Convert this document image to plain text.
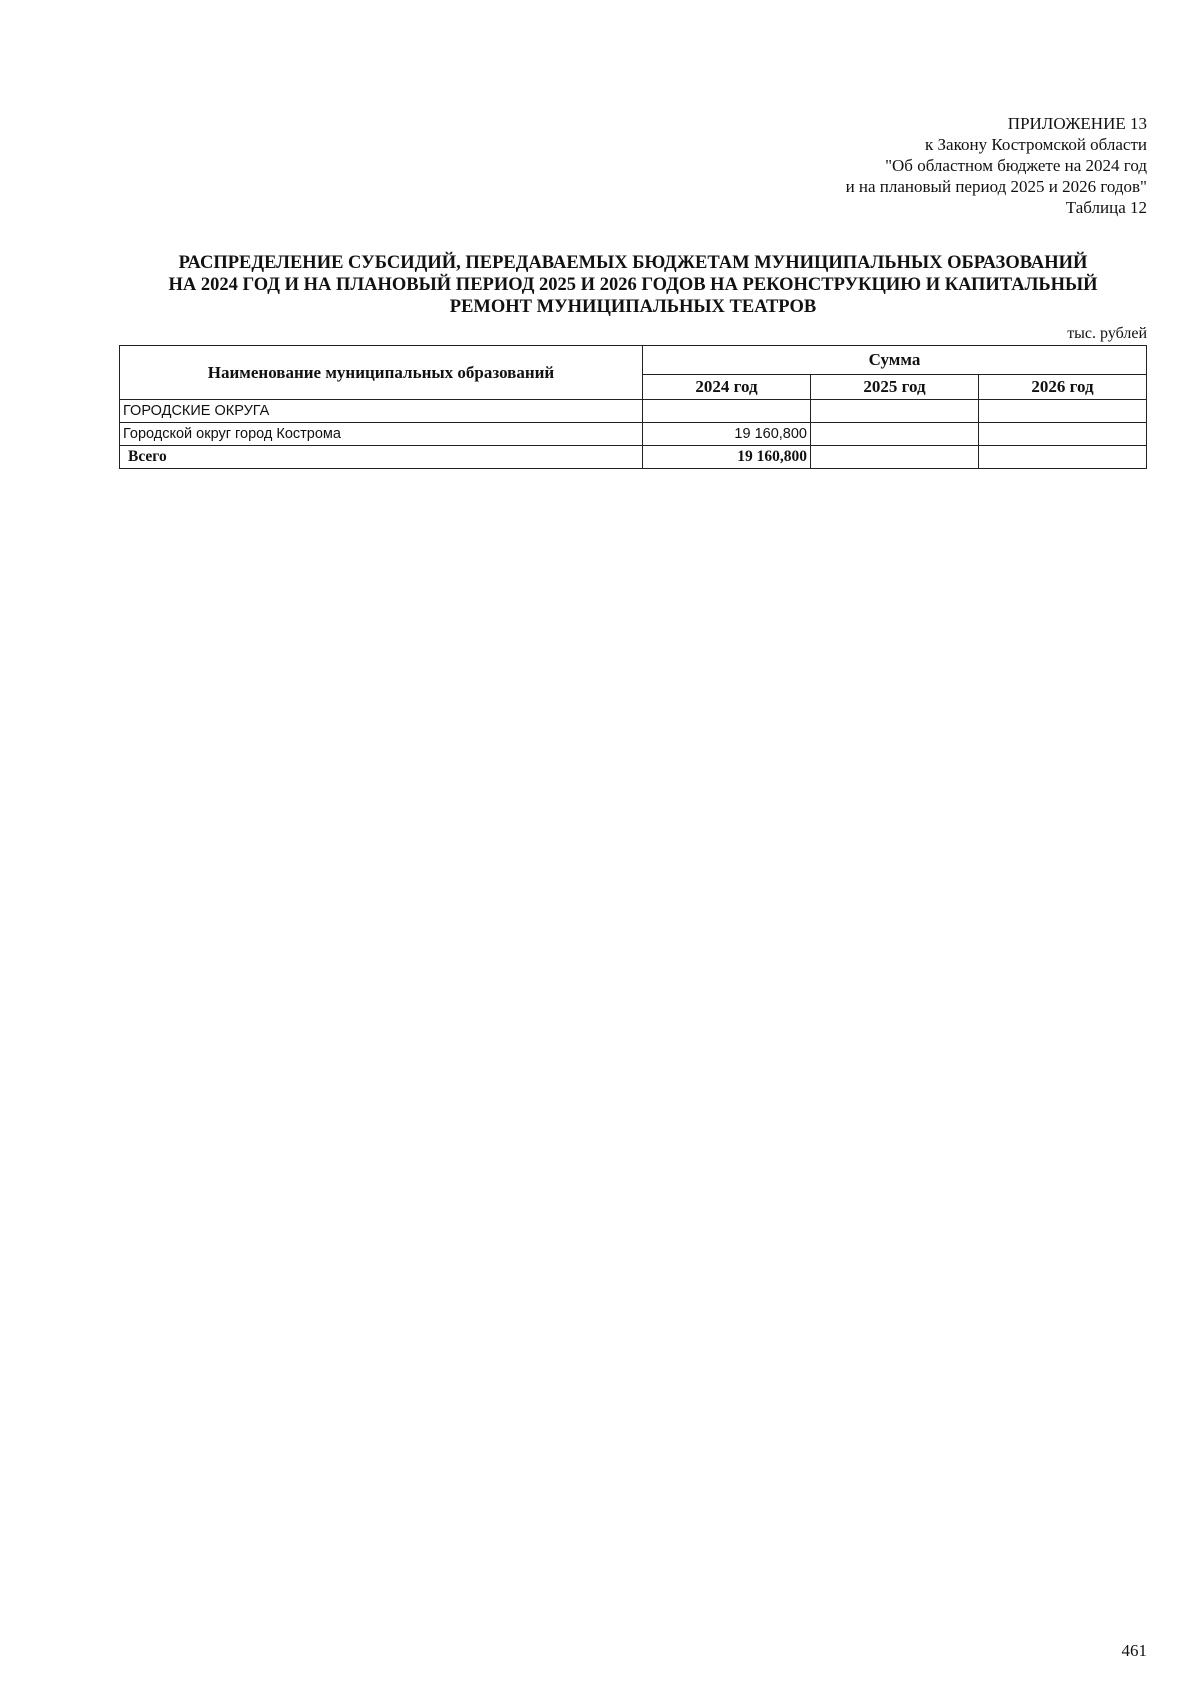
ПРИЛОЖЕНИЕ 13
к Закону Костромской области
"Об областном бюджете на 2024 год
и на плановый период 2025 и 2026 годов"
Таблица 12
РАСПРЕДЕЛЕНИЕ СУБСИДИЙ, ПЕРЕДАВАЕМЫХ БЮДЖЕТАМ МУНИЦИПАЛЬНЫХ ОБРАЗОВАНИЙ
НА 2024 ГОД И НА ПЛАНОВЫЙ ПЕРИОД 2025 И 2026 ГОДОВ НА РЕКОНСТРУКЦИЮ И КАПИТАЛЬНЫЙ
РЕМОНТ МУНИЦИПАЛЬНЫХ ТЕАТРОВ
тыс. рублей
Наименование муниципальных образований	Сумма		
	2024 год	2025 год	2026 год
ГОРОДСКИЕ ОКРУГА			
Городской округ город Кострома	19 160,800		
Всего	19 160,800		
461
